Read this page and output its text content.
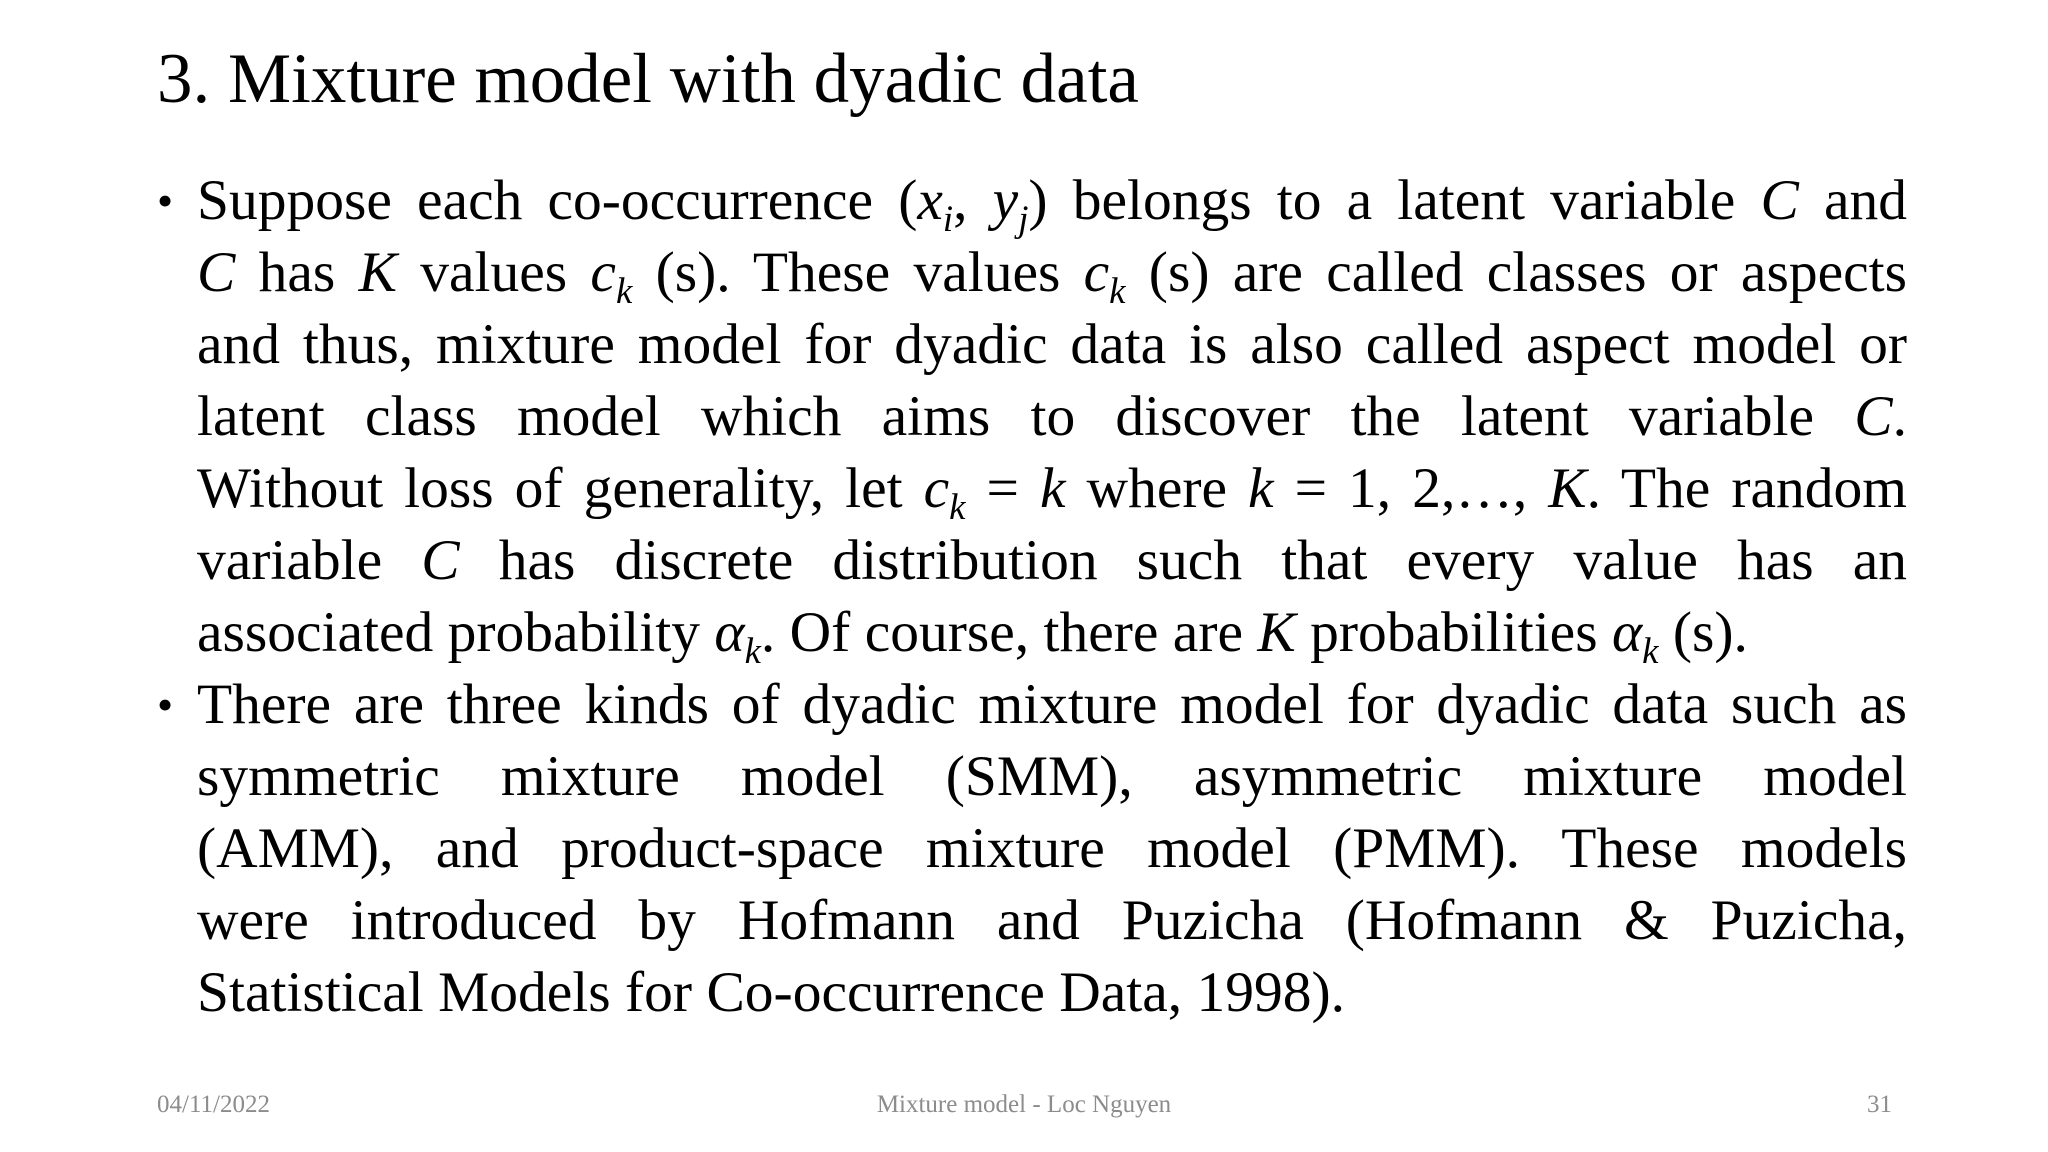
3. Mixture model with dyadic data
• Suppose each co-occurrence ($x_i$, $y_j$) belongs to a latent variable C and
C has K values $c_k$ (s). These values $c_k$ (s) are called classes or aspects
and thus, mixture model for dyadic data is also called aspect model or
latent class model which aims to discover the latent variable C.
Without loss of generality, let $c_k = k$ where k = 1, 2,…, K. The random
variable C has discrete distribution such that every value has an
associated probability $\alpha_k$. Of course, there are K probabilities $\alpha_k$ (s).
• There are three kinds of dyadic mixture model for dyadic data such as
symmetric mixture model (SMM), asymmetric mixture model
(AMM), and product-space mixture model (PMM). These models
were introduced by Hofmann and Puzicha (Hofmann & Puzicha,
Statistical Models for Co-occurrence Data, 1998).
04/11/2022	Mixture model - Loc Nguyen	31
